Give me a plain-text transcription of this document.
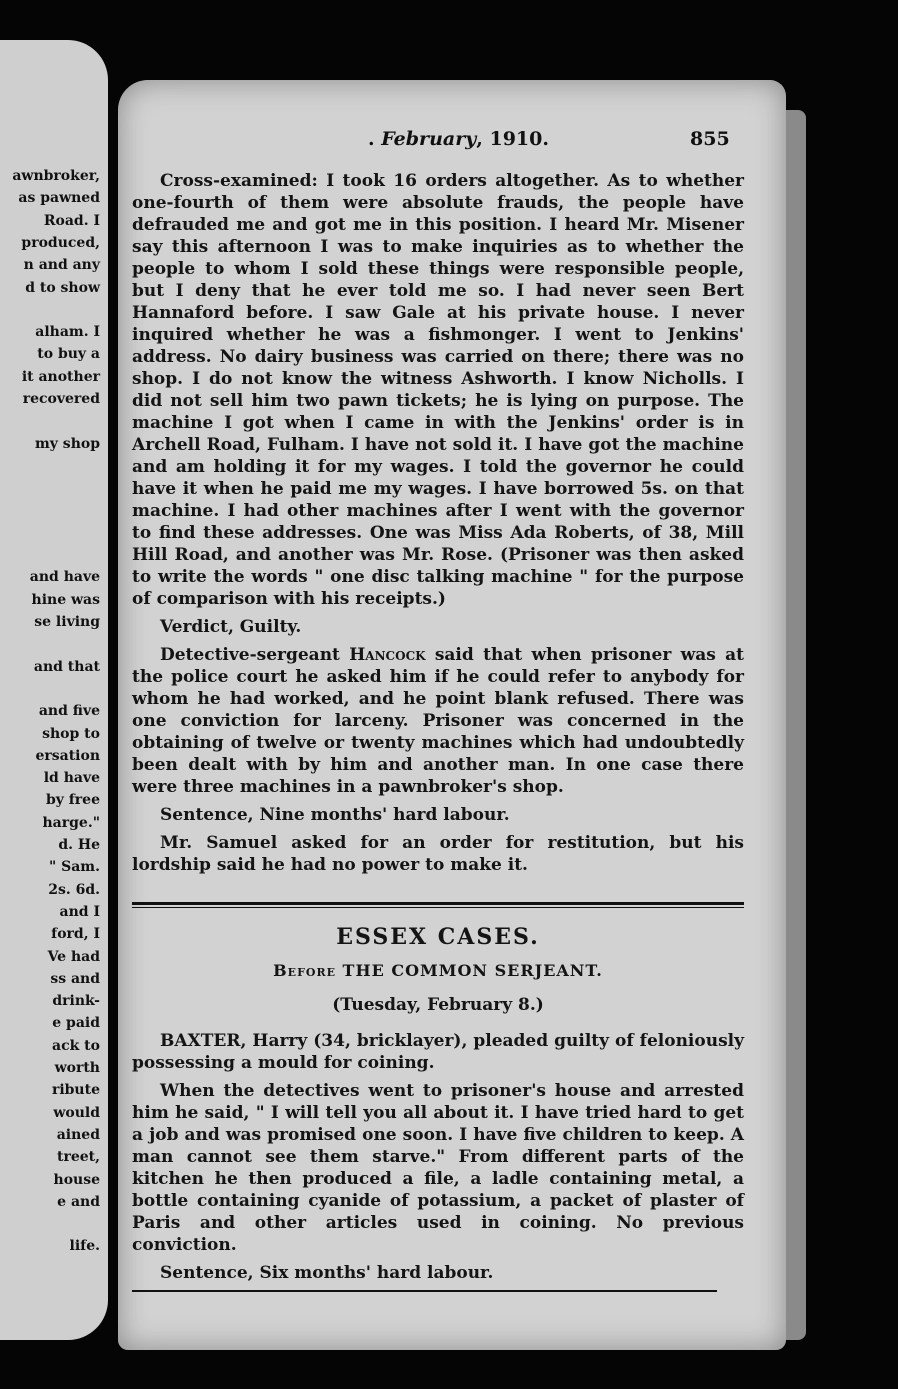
awnbroker,
as pawned
Road. I
produced,
n and any
d to show
alham. I
to buy a
it another
recovered
my shop
and have
hine was
se living
and that
and five
shop to
ersation
ld have
by free
harge."
d. He
" Sam.
2s. 6d.
and I
ford, I
Ve had
ss and
drink-
e paid
ack to
worth
ribute
would
ained
treet,
house
e and
life.
. February, 1910.	855

Cross-examined: I took 16 orders altogether. As to whether one-fourth of them were absolute frauds, the people have defrauded me and got me in this position. I heard Mr. Misener say this afternoon I was to make inquiries as to whether the people to whom I sold these things were responsible people, but I deny that he ever told me so. I had never seen Bert Hannaford before. I saw Gale at his private house. I never inquired whether he was a fishmonger. I went to Jenkins' address. No dairy business was carried on there; there was no shop. I do not know the witness Ashworth. I know Nicholls. I did not sell him two pawn tickets; he is lying on purpose. The machine I got when I came in with the Jenkins' order is in Archell Road, Fulham. I have not sold it. I have got the machine and am holding it for my wages. I told the governor he could have it when he paid me my wages. I have borrowed 5s. on that machine. I had other machines after I went with the governor to find these addresses. One was Miss Ada Roberts, of 38, Mill Hill Road, and another was Mr. Rose. (Prisoner was then asked to write the words " one disc talking machine " for the purpose of comparison with his receipts.)

Verdict, Guilty.

Detective-sergeant Hancock said that when prisoner was at the police court he asked him if he could refer to anybody for whom he had worked, and he point blank refused. There was one conviction for larceny. Prisoner was concerned in the obtaining of twelve or twenty machines which had undoubtedly been dealt with by him and another man. In one case there were three machines in a pawnbroker's shop.

Sentence, Nine months' hard labour.

Mr. Samuel asked for an order for restitution, but his lordship said he had no power to make it.

ESSEX CASES.
Before THE COMMON SERJEANT.
(Tuesday, February 8.)

BAXTER, Harry (34, bricklayer), pleaded guilty of feloniously possessing a mould for coining.

When the detectives went to prisoner's house and arrested him he said, " I will tell you all about it. I have tried hard to get a job and was promised one soon. I have five children to keep. A man cannot see them starve." From different parts of the kitchen he then produced a file, a ladle containing metal, a bottle containing cyanide of potassium, a packet of plaster of Paris and other articles used in coining. No previous conviction.

Sentence, Six months' hard labour.
